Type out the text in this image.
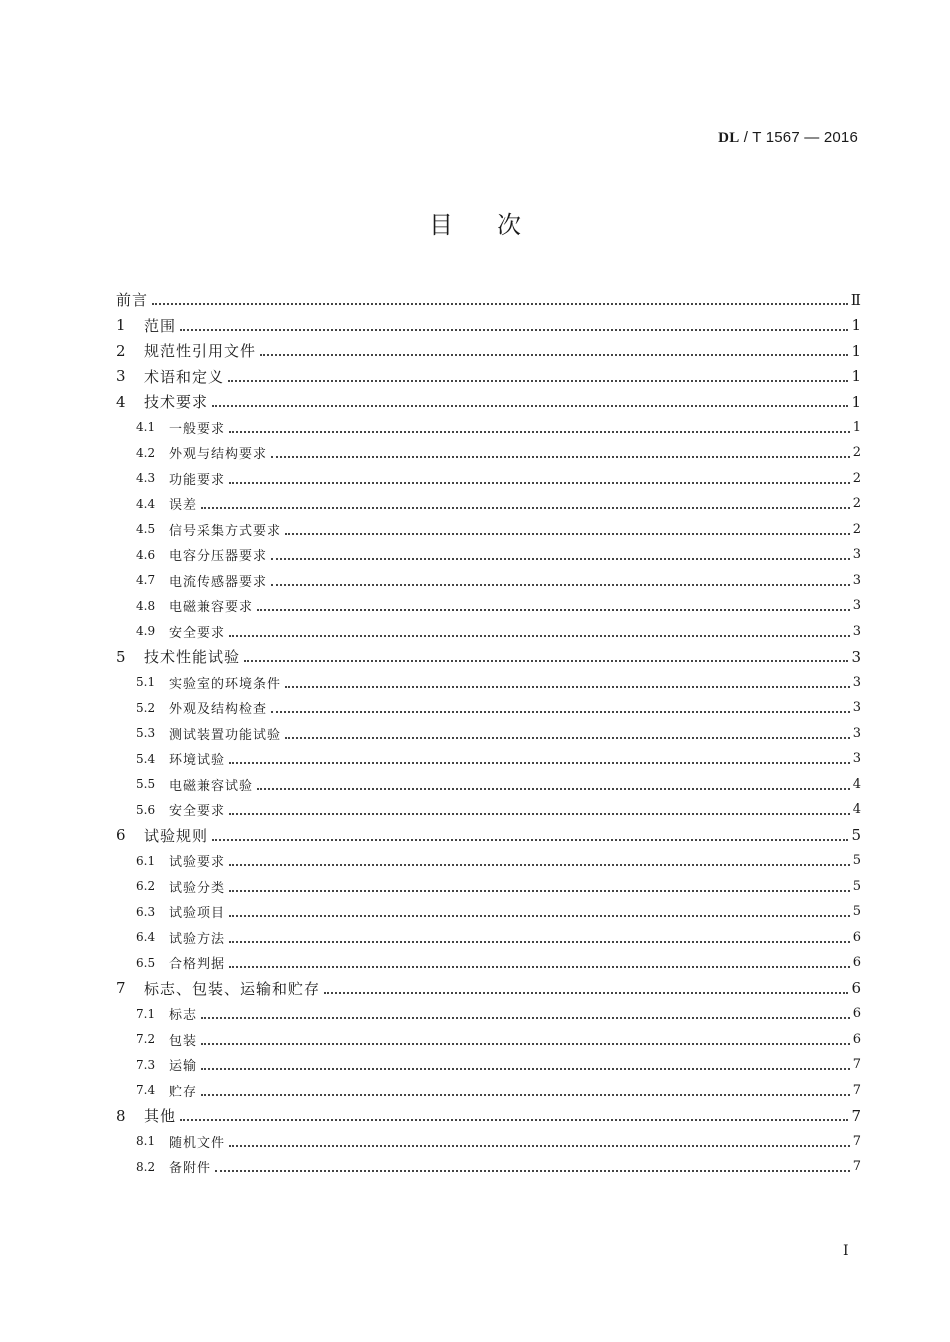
DL / T 1567 — 2016
目次
前言	Ⅱ
1	范围	1
2	规范性引用文件	1
3	术语和定义	1
4	技术要求	1
4.1	一般要求	1
4.2	外观与结构要求	2
4.3	功能要求	2
4.4	误差	2
4.5	信号采集方式要求	2
4.6	电容分压器要求	3
4.7	电流传感器要求	3
4.8	电磁兼容要求	3
4.9	安全要求	3
5	技术性能试验	3
5.1	实验室的环境条件	3
5.2	外观及结构检查	3
5.3	测试装置功能试验	3
5.4	环境试验	3
5.5	电磁兼容试验	4
5.6	安全要求	4
6	试验规则	5
6.1	试验要求	5
6.2	试验分类	5
6.3	试验项目	5
6.4	试验方法	6
6.5	合格判据	6
7	标志、包装、运输和贮存	6
7.1	标志	6
7.2	包装	6
7.3	运输	7
7.4	贮存	7
8	其他	7
8.1	随机文件	7
8.2	备附件	7
I
